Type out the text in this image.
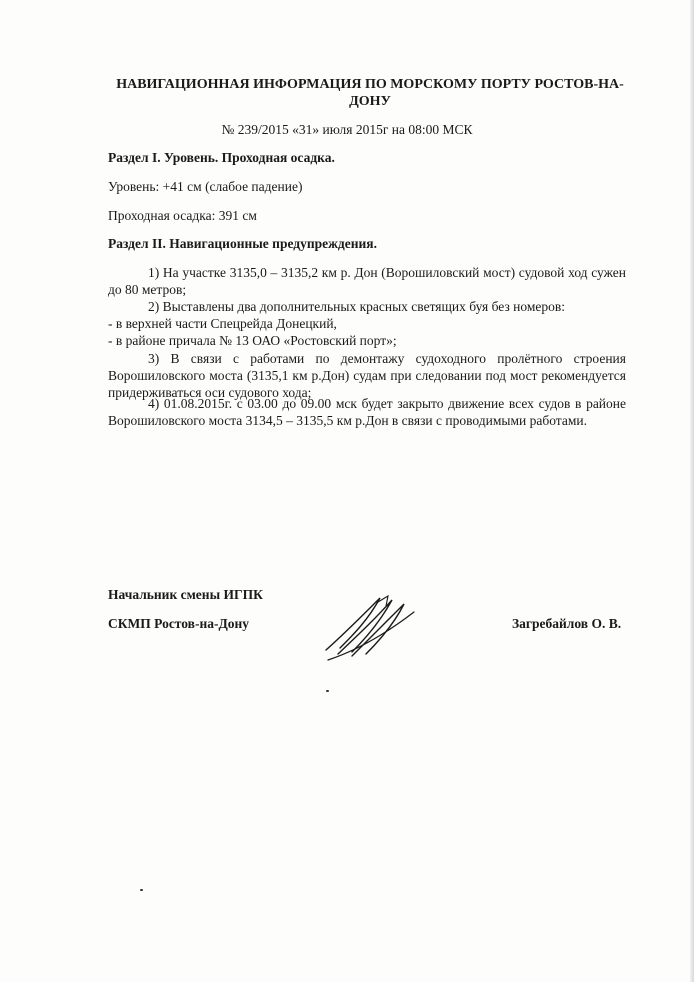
НАВИГАЦИОННАЯ ИНФОРМАЦИЯ ПО МОРСКОМУ ПОРТУ РОСТОВ-НА-ДОНУ
№ 239/2015 «31» июля 2015г на 08:00 МСК
Раздел I. Уровень. Проходная осадка.
Уровень: +41 см (слабое падение)
Проходная осадка: 391 см
Раздел II. Навигационные предупреждения.
1) На участке 3135,0 – 3135,2 км р. Дон (Ворошиловский мост) судовой ход сужен до 80 метров;
2) Выставлены два дополнительных красных светящих буя без номеров:
- в верхней части Спецрейда Донецкий,
- в районе причала № 13 ОАО «Ростовский порт»;
3) В связи с работами по демонтажу судоходного пролётного строения Ворошиловского моста (3135,1 км р.Дон) судам при следовании под мост рекомендуется придерживаться оси судового хода;
4) 01.08.2015г. с 03.00 до 09.00 мск будет закрыто движение всех судов в районе Ворошиловского моста 3134,5 – 3135,5 км р.Дон в связи с проводимыми работами.
Начальник смены ИГПК
СКМП Ростов-на-Дону	Загребайлов О. В.
